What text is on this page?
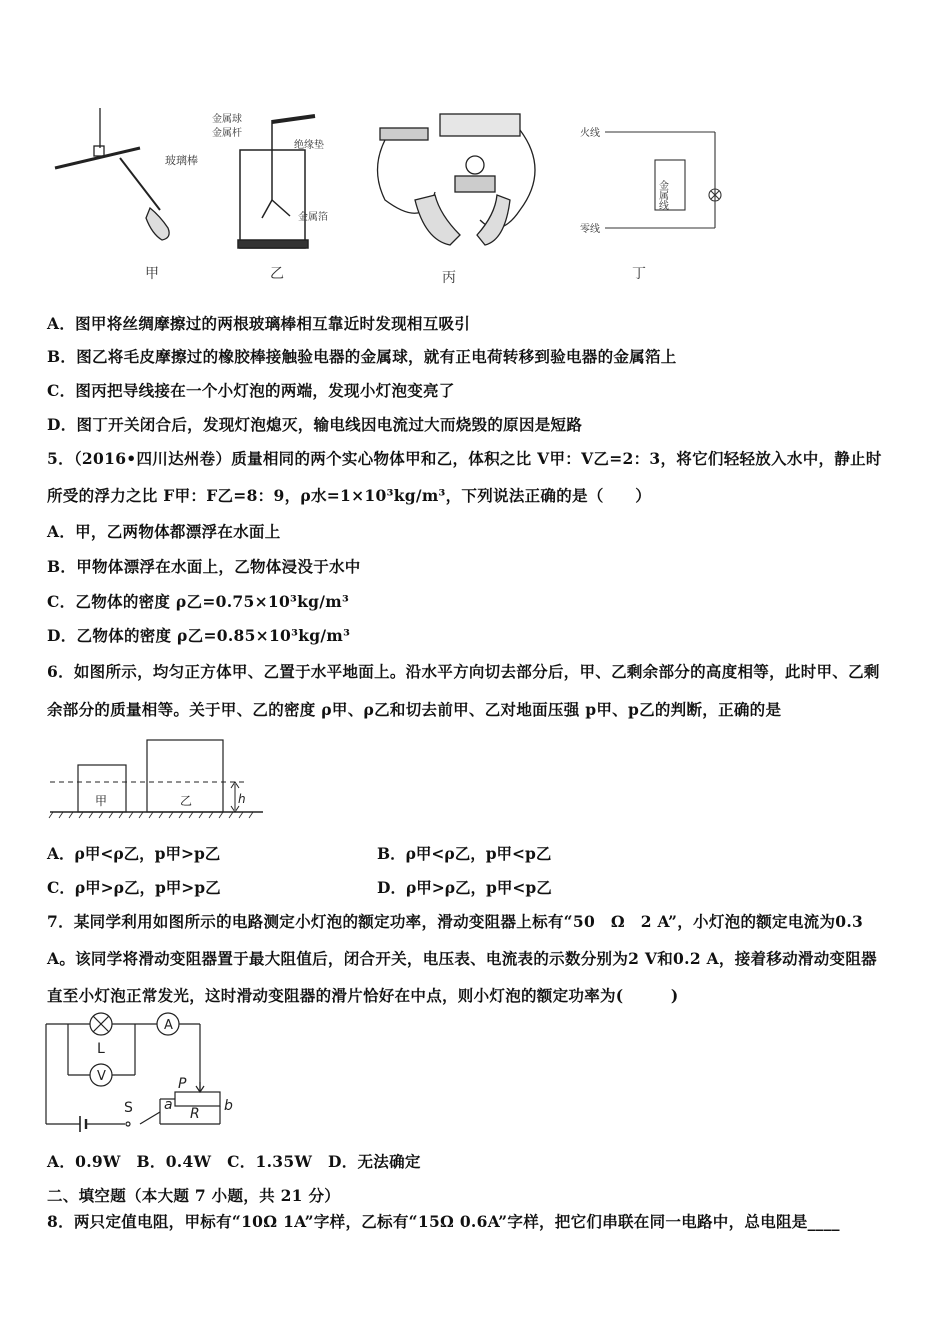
玻璃棒
甲
金属球
金属杆
绝缘垫
金属箔
乙	丙
火线
零线
金属线
丁
A．图甲将丝绸摩擦过的两根玻璃棒相互靠近时发现相互吸引
B．图乙将毛皮摩擦过的橡胶棒接触验电器的金属球，就有正电荷转移到验电器的金属箔上
C．图丙把导线接在一个小灯泡的两端，发现小灯泡变亮了
D．图丁开关闭合后，发现灯泡熄灭，输电线因电流过大而烧毁的原因是短路
5．（2016•四川达州卷）质量相同的两个实心物体甲和乙，体积之比 V甲：V乙=2：3，将它们轻轻放入水中，静止时
所受的浮力之比 F甲：F乙=8：9，ρ水=1×10³kg/m³，下列说法正确的是（　　）
A．甲，乙两物体都漂浮在水面上
B．甲物体漂浮在水面上，乙物体浸没于水中
C．乙物体的密度 ρ乙=0.75×10³kg/m³
D．乙物体的密度 ρ乙=0.85×10³kg/m³
6．如图所示，均匀正方体甲、乙置于水平地面上。沿水平方向切去部分后，甲、乙剩余部分的高度相等，此时甲、乙剩
余部分的质量相等。关于甲、乙的密度 ρ甲、ρ乙和切去前甲、乙对地面压强 p甲、p乙的判断，正确的是
甲	乙	h
A．ρ甲<ρ乙，p甲>p乙	B．ρ甲<ρ乙，p甲<p乙
C．ρ甲>ρ乙，p甲>p乙	D．ρ甲>ρ乙，p甲<p乙
7．某同学利用如图所示的电路测定小灯泡的额定功率，滑动变阻器上标有“50　Ω　2 A”，小灯泡的额定电流为0.3
A。该同学将滑动变阻器置于最大阻值后，闭合开关，电压表、电流表的示数分别为2 V和0.2 A，接着移动滑动变阻器
直至小灯泡正常发光，这时滑动变阻器的滑片恰好在中点，则小灯泡的额定功率为(　　　)
A
V
L
P
a
R b
S
A．0.9W　B．0.4W　C．1.35W　D．无法确定
二、填空题（本大题 7 小题，共 21 分）
8．两只定值电阻，甲标有“10Ω 1A”字样，乙标有“15Ω 0.6A”字样，把它们串联在同一电路中，总电阻是____
